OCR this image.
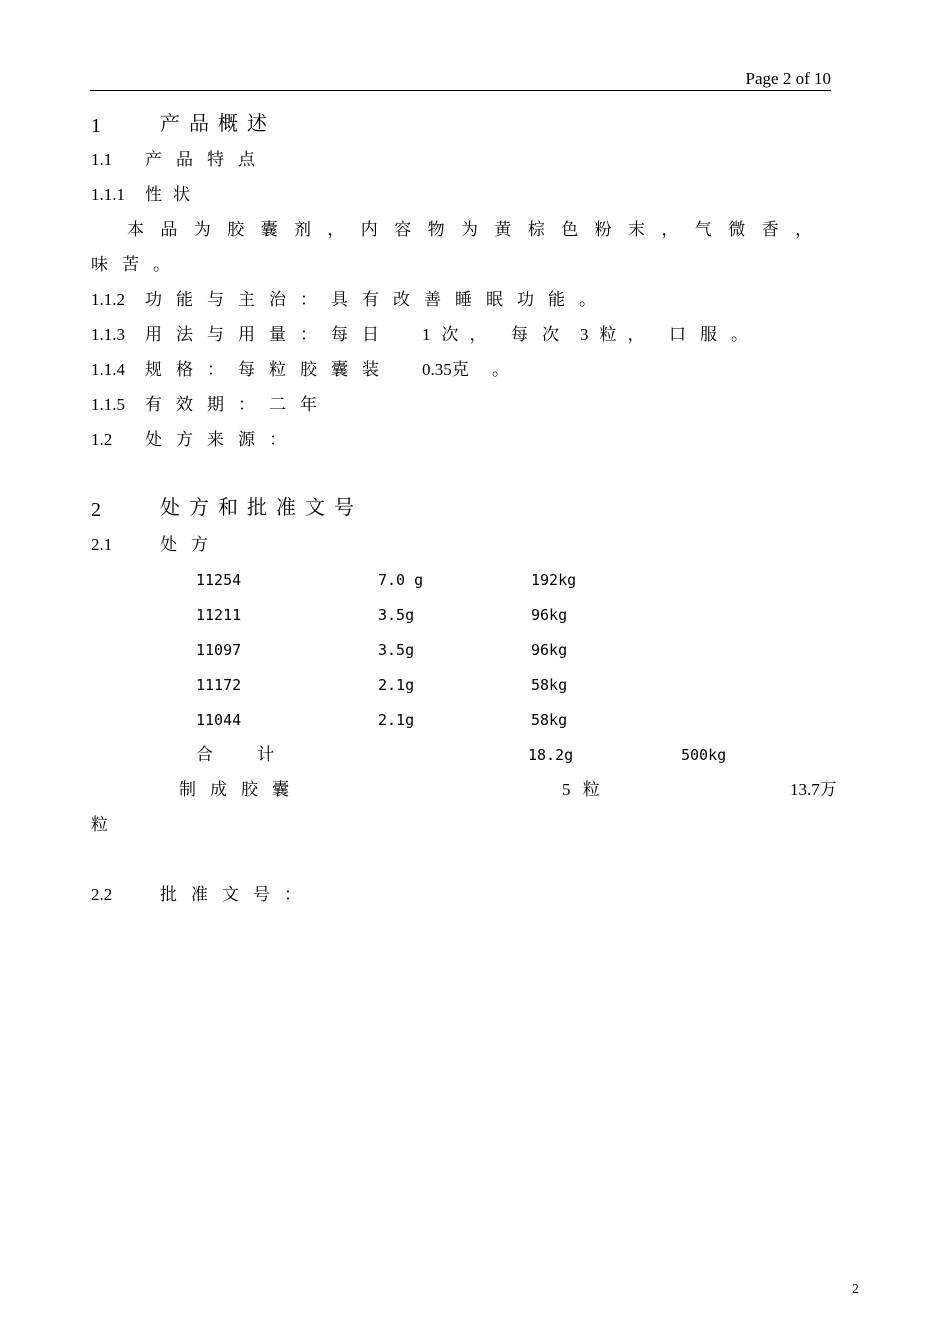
Page 2 of 10
1	产品概述
1.1 产品特点
1.1.1 性状
本品为胶囊剂，内容物为黄棕色粉末，气微香，
味苦。
1.1.2 功能与主治：具有改善睡眠功能。
1.1.3 用法与用量：每日 1次， 每次 3粒， 口服。
1.1.4 规格：每粒胶囊装 0.35克 。
1.1.5 有效期：二年
1.2 处方来源：
2	处方和批准文号
2.1	处方
11254	7.0 g	192kg
11211	3.5g	96kg
11097	3.5g	96kg
11172	2.1g	58kg
11044	2.1g	58kg
合 计	18.2g	500kg
制成胶囊	5 粒	13.7万
粒
2.2	批准文号：
2
